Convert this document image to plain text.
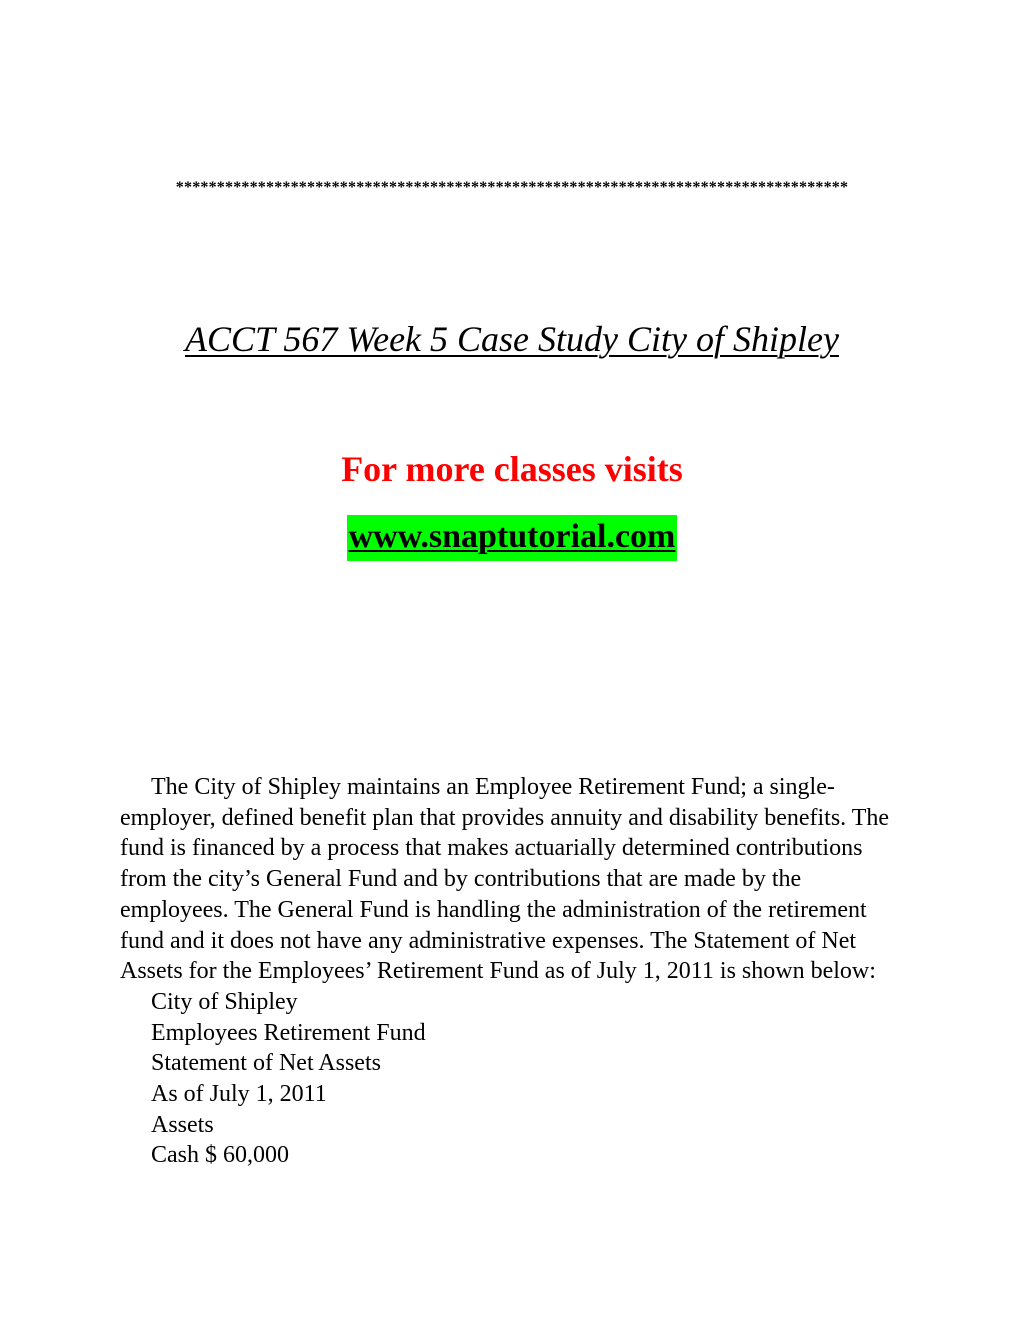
**********************************************************************************
ACCT 567 Week 5 Case Study City of Shipley
For more classes visits
www.snaptutorial.com

The City of Shipley maintains an Employee Retirement Fund; a single-employer, defined benefit plan that provides annuity and disability benefits. The fund is financed by a process that makes actuarially determined contributions from the city’s General Fund and by contributions that are made by the employees. The General Fund is handling the administration of the retirement fund and it does not have any administrative expenses. The Statement of Net Assets for the Employees’ Retirement Fund as of July 1, 2011 is shown below:

City of Shipley
Employees Retirement Fund
Statement of Net Assets
As of July 1, 2011
Assets
Cash $ 60,000
